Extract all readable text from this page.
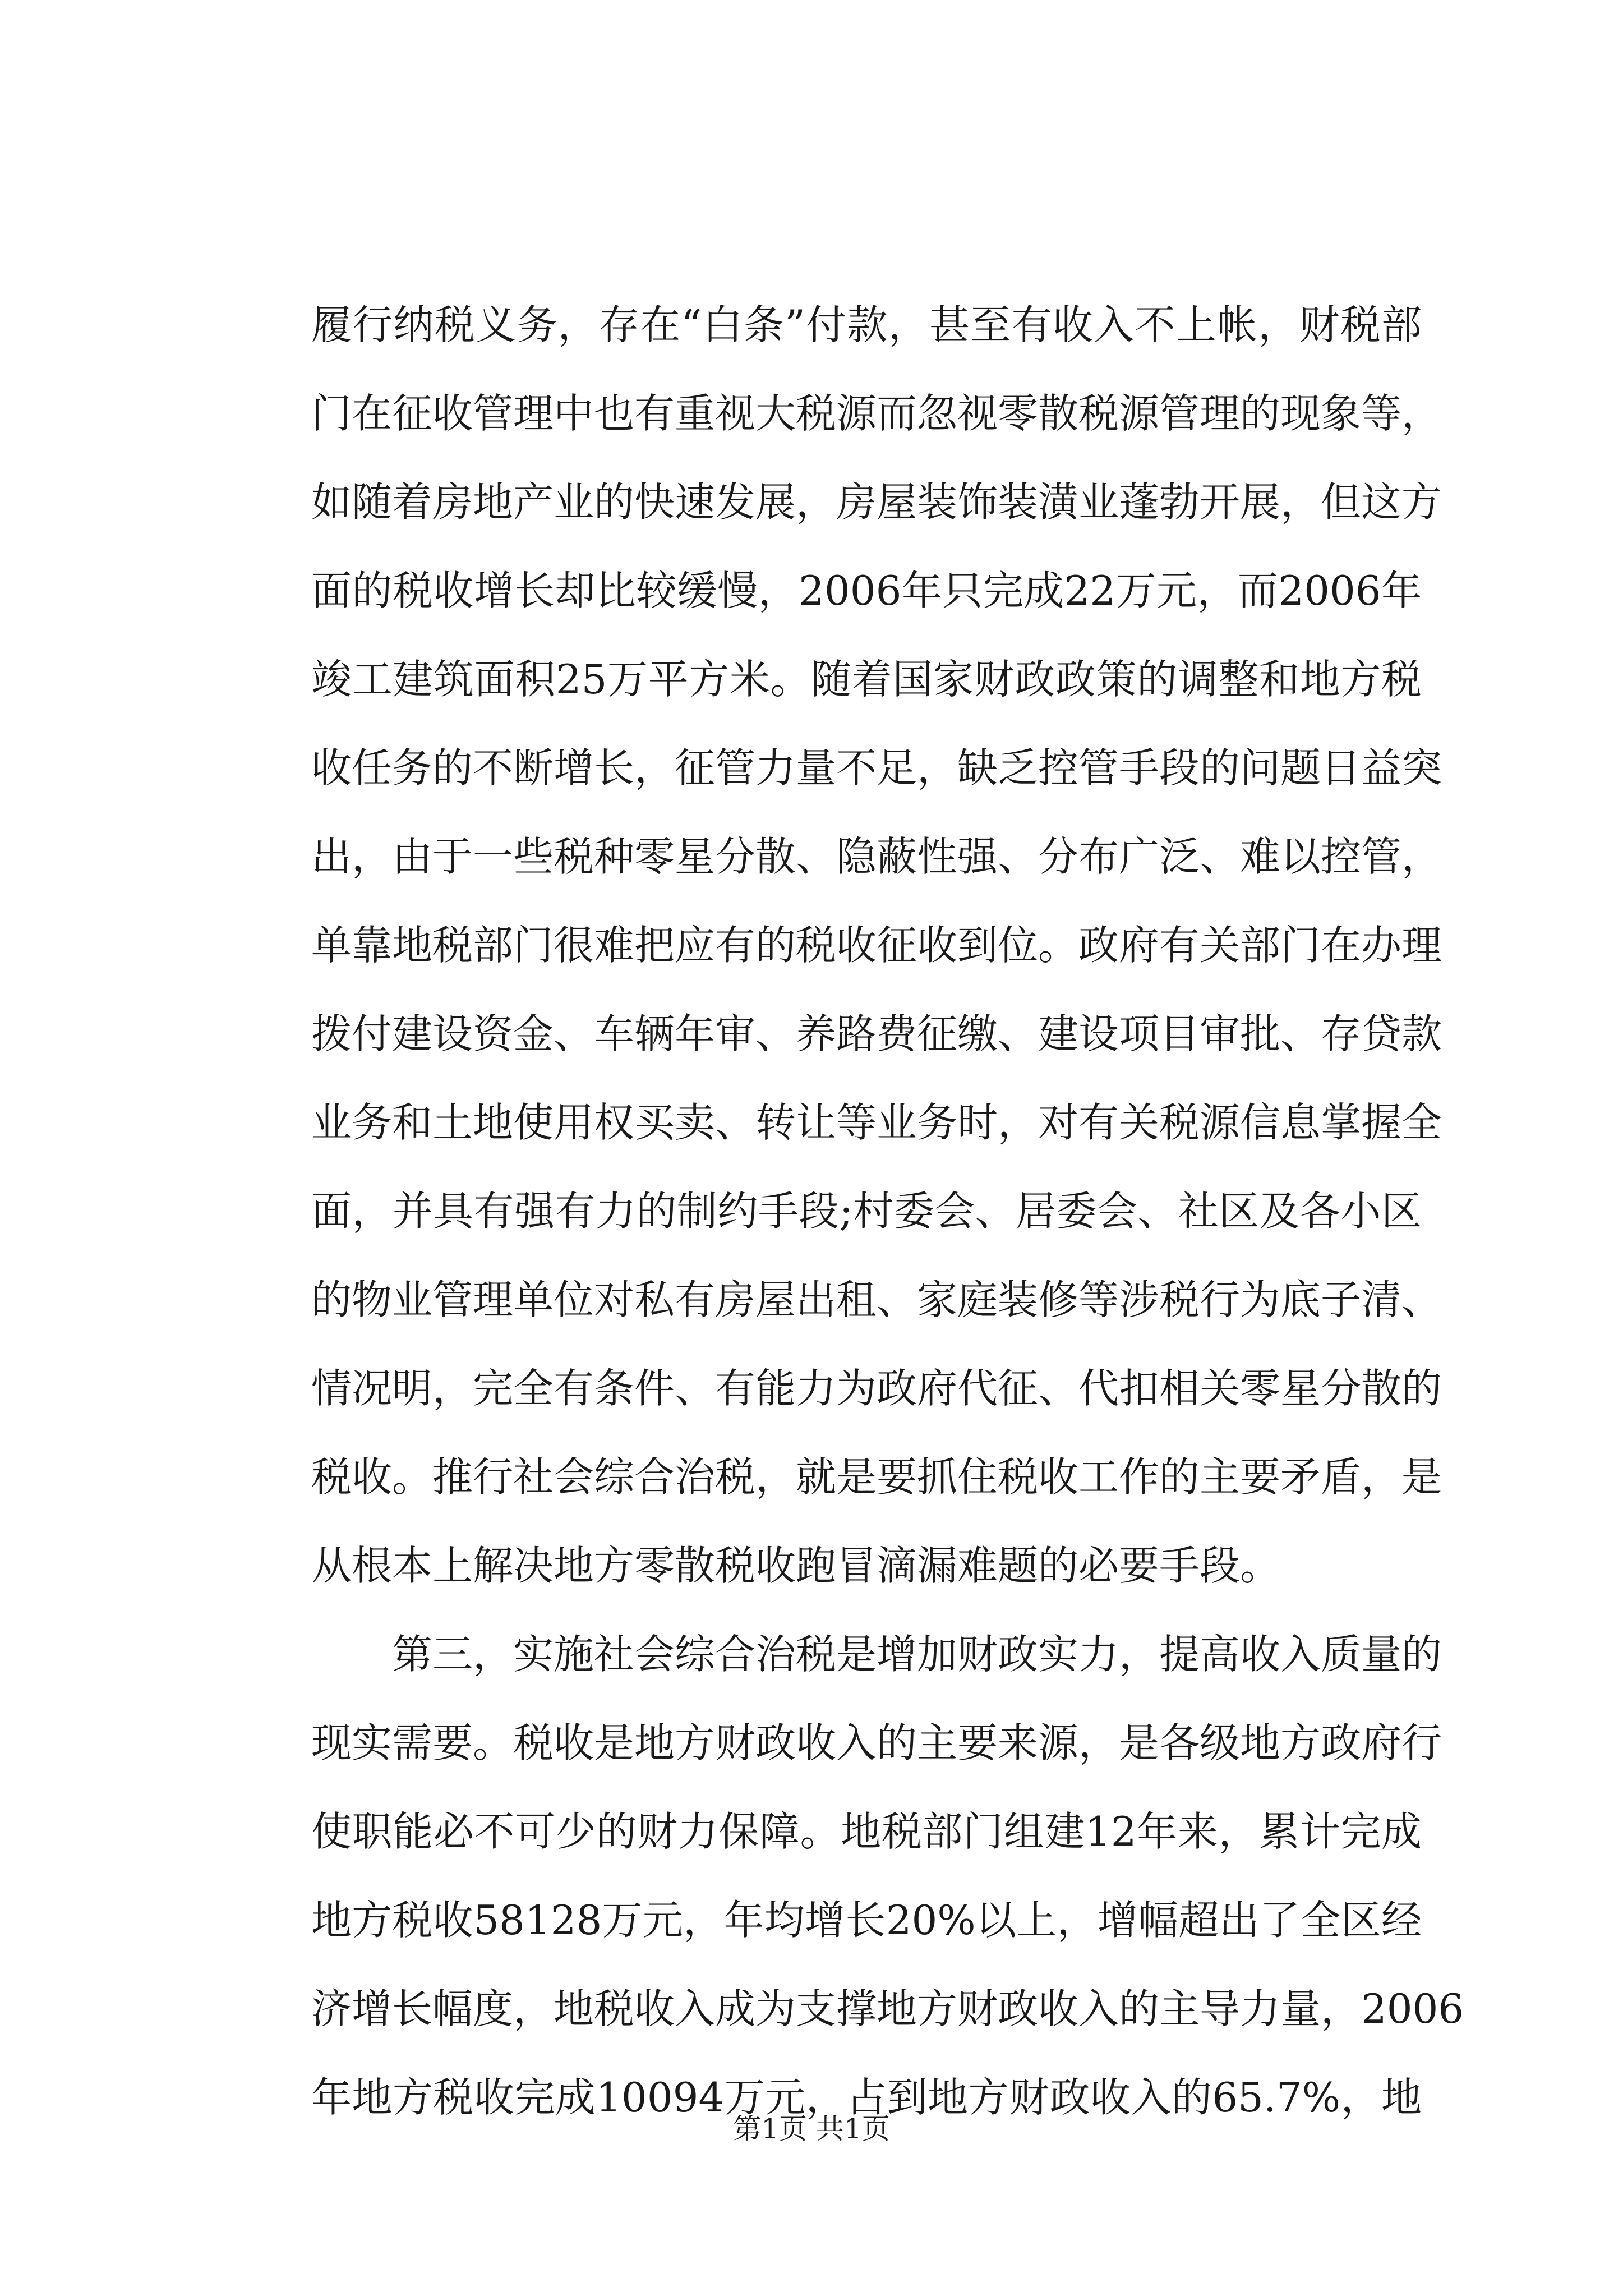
履行纳税义务，存在“白条”付款，甚至有收入不上帐，财税部
门在征收管理中也有重视大税源而忽视零散税源管理的现象等，
如随着房地产业的快速发展，房屋装饰装潢业蓬勃开展，但这方
面的税收增长却比较缓慢，2006年只完成22万元，而2006年
竣工建筑面积25万平方米。随着国家财政政策的调整和地方税
收任务的不断增长，征管力量不足，缺乏控管手段的问题日益突
出，由于一些税种零星分散、隐蔽性强、分布广泛、难以控管，
单靠地税部门很难把应有的税收征收到位。政府有关部门在办理
拨付建设资金、车辆年审、养路费征缴、建设项目审批、存贷款
业务和土地使用权买卖、转让等业务时，对有关税源信息掌握全
面，并具有强有力的制约手段;村委会、居委会、社区及各小区
的物业管理单位对私有房屋出租、家庭装修等涉税行为底子清、
情况明，完全有条件、有能力为政府代征、代扣相关零星分散的
税收。推行社会综合治税，就是要抓住税收工作的主要矛盾，是
从根本上解决地方零散税收跑冒滴漏难题的必要手段。
第三，实施社会综合治税是增加财政实力，提高收入质量的
现实需要。税收是地方财政收入的主要来源，是各级地方政府行
使职能必不可少的财力保障。地税部门组建12年来，累计完成
地方税收58128万元，年均增长20%以上，增幅超出了全区经
济增长幅度，地税收入成为支撑地方财政收入的主导力量，2006
年地方税收完成10094万元，占到地方财政收入的65.7%，地
第1页 共1页
